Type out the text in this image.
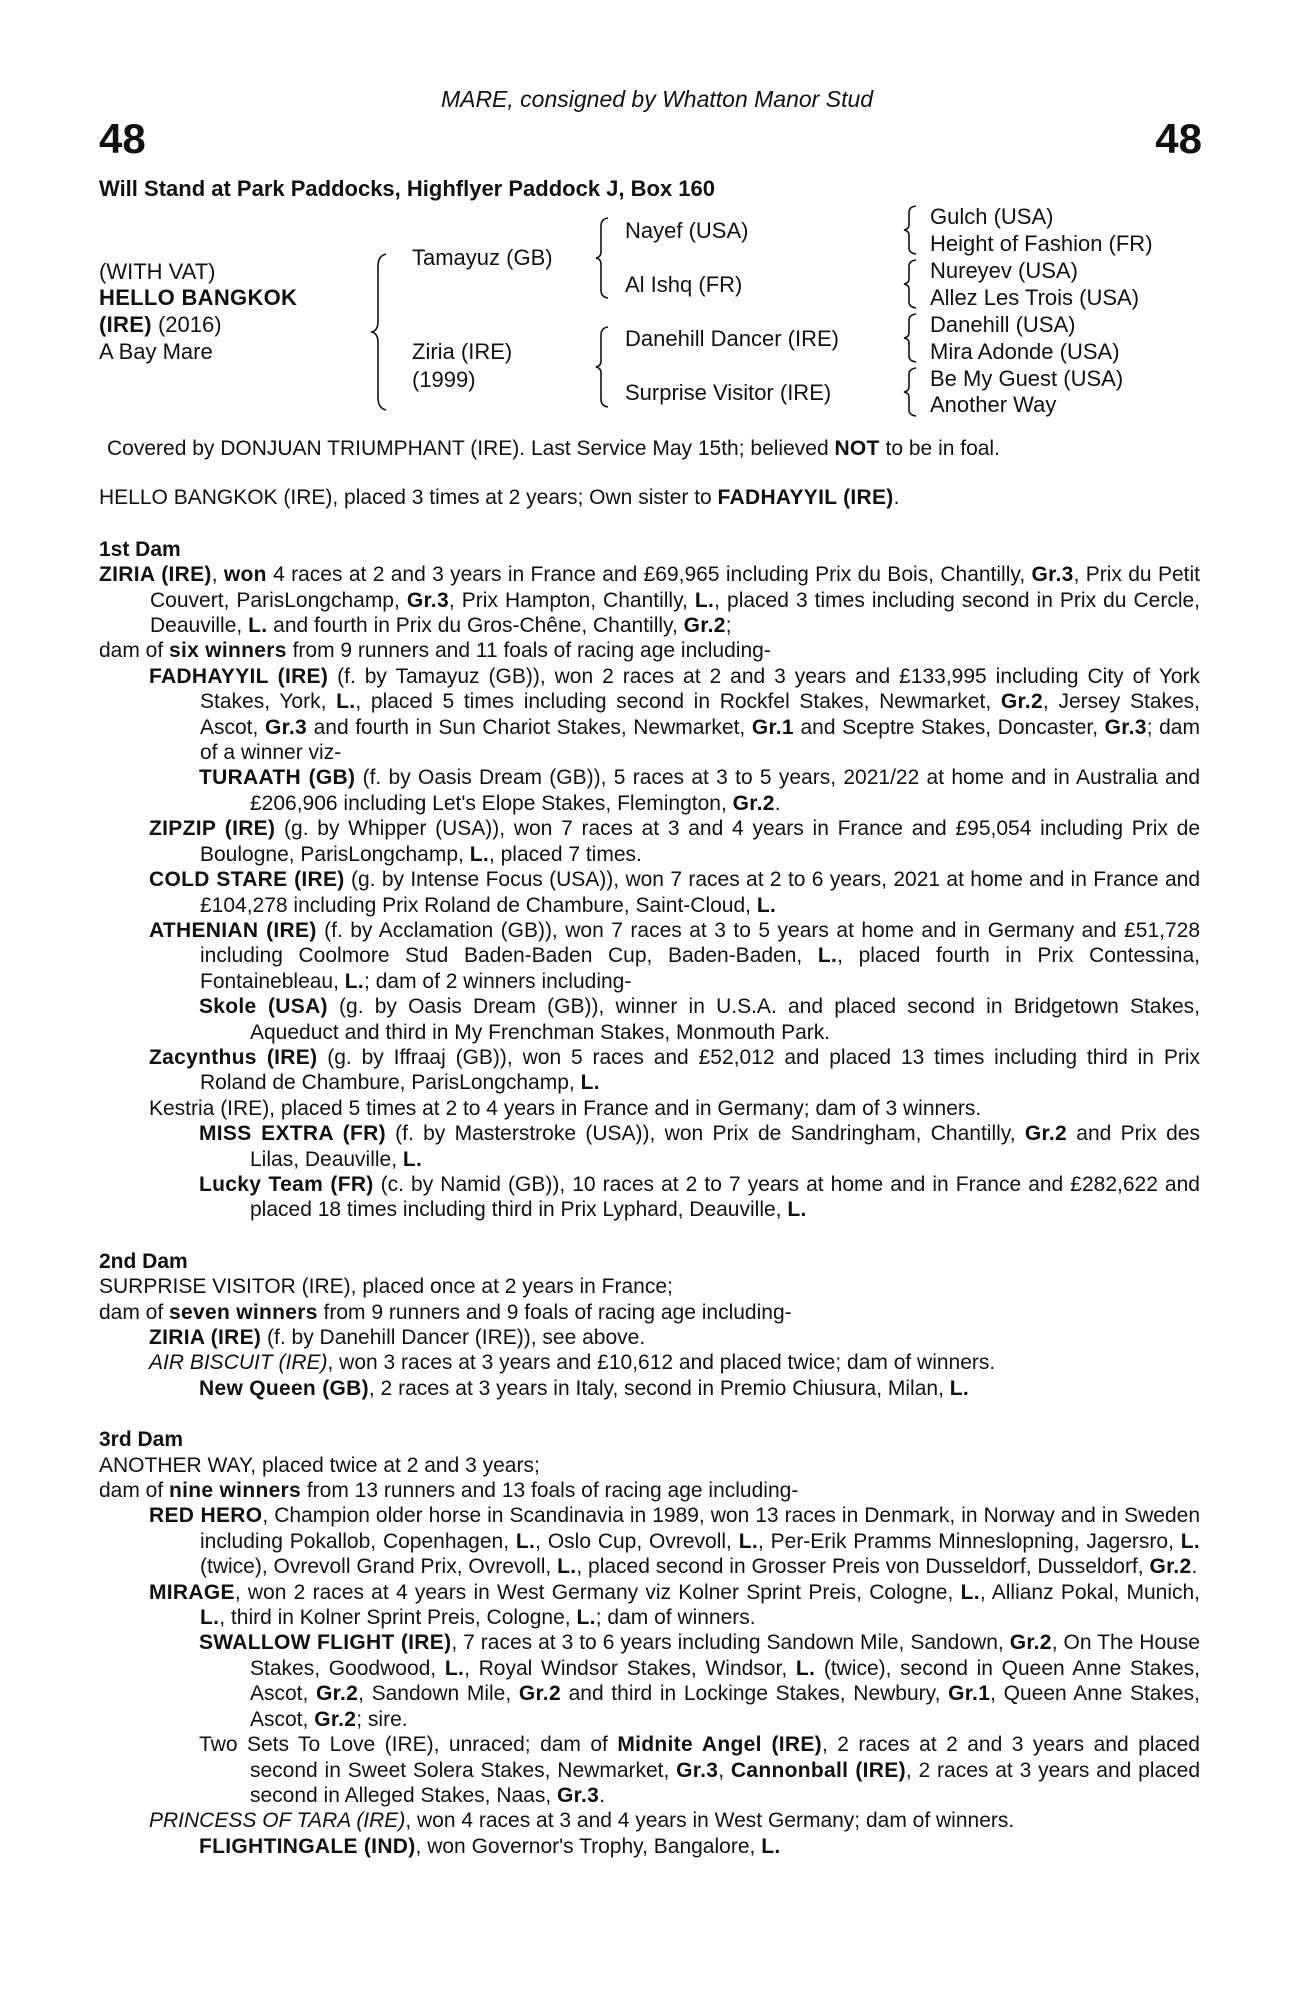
MARE, consigned by Whatton Manor Stud
48	48
Will Stand at Park Paddocks, Highflyer Paddock J, Box 160
(WITH VAT)
HELLO BANGKOK
(IRE) (2016)
A Bay Mare
Tamayuz (GB)
Ziria (IRE)
(1999)
Nayef (USA)
Al Ishq (FR)
Danehill Dancer (IRE)
Surprise Visitor (IRE)
Gulch (USA)
Height of Fashion (FR)
Nureyev (USA)
Allez Les Trois (USA)
Danehill (USA)
Mira Adonde (USA)
Be My Guest (USA)
Another Way
Covered by DONJUAN TRIUMPHANT (IRE). Last Service May 15th; believed NOT to be in foal.
HELLO BANGKOK (IRE), placed 3 times at 2 years; Own sister to FADHAYYIL (IRE).
1st Dam
ZIRIA (IRE), won 4 races at 2 and 3 years in France and £69,965 including Prix du Bois, Chantilly, Gr.3, Prix du Petit Couvert, ParisLongchamp, Gr.3, Prix Hampton, Chantilly, L., placed 3 times including second in Prix du Cercle, Deauville, L. and fourth in Prix du Gros-Chêne, Chantilly, Gr.2;
dam of six winners from 9 runners and 11 foals of racing age including-
FADHAYYIL (IRE) (f. by Tamayuz (GB)), won 2 races at 2 and 3 years and £133,995 including City of York Stakes, York, L., placed 5 times including second in Rockfel Stakes, Newmarket, Gr.2, Jersey Stakes, Ascot, Gr.3 and fourth in Sun Chariot Stakes, Newmarket, Gr.1 and Sceptre Stakes, Doncaster, Gr.3; dam of a winner viz-
TURAATH (GB) (f. by Oasis Dream (GB)), 5 races at 3 to 5 years, 2021/22 at home and in Australia and £206,906 including Let's Elope Stakes, Flemington, Gr.2.
ZIPZIP (IRE) (g. by Whipper (USA)), won 7 races at 3 and 4 years in France and £95,054 including Prix de Boulogne, ParisLongchamp, L., placed 7 times.
COLD STARE (IRE) (g. by Intense Focus (USA)), won 7 races at 2 to 6 years, 2021 at home and in France and £104,278 including Prix Roland de Chambure, Saint-Cloud, L.
ATHENIAN (IRE) (f. by Acclamation (GB)), won 7 races at 3 to 5 years at home and in Germany and £51,728 including Coolmore Stud Baden-Baden Cup, Baden-Baden, L., placed fourth in Prix Contessina, Fontainebleau, L.; dam of 2 winners including-
Skole (USA) (g. by Oasis Dream (GB)), winner in U.S.A. and placed second in Bridgetown Stakes, Aqueduct and third in My Frenchman Stakes, Monmouth Park.
Zacynthus (IRE) (g. by Iffraaj (GB)), won 5 races and £52,012 and placed 13 times including third in Prix Roland de Chambure, ParisLongchamp, L.
Kestria (IRE), placed 5 times at 2 to 4 years in France and in Germany; dam of 3 winners.
MISS EXTRA (FR) (f. by Masterstroke (USA)), won Prix de Sandringham, Chantilly, Gr.2 and Prix des Lilas, Deauville, L.
Lucky Team (FR) (c. by Namid (GB)), 10 races at 2 to 7 years at home and in France and £282,622 and placed 18 times including third in Prix Lyphard, Deauville, L.
2nd Dam
SURPRISE VISITOR (IRE), placed once at 2 years in France;
dam of seven winners from 9 runners and 9 foals of racing age including-
ZIRIA (IRE) (f. by Danehill Dancer (IRE)), see above.
AIR BISCUIT (IRE), won 3 races at 3 years and £10,612 and placed twice; dam of winners.
New Queen (GB), 2 races at 3 years in Italy, second in Premio Chiusura, Milan, L.
3rd Dam
ANOTHER WAY, placed twice at 2 and 3 years;
dam of nine winners from 13 runners and 13 foals of racing age including-
RED HERO, Champion older horse in Scandinavia in 1989, won 13 races in Denmark, in Norway and in Sweden including Pokallob, Copenhagen, L., Oslo Cup, Ovrevoll, L., Per-Erik Pramms Minneslopning, Jagersro, L. (twice), Ovrevoll Grand Prix, Ovrevoll, L., placed second in Grosser Preis von Dusseldorf, Dusseldorf, Gr.2.
MIRAGE, won 2 races at 4 years in West Germany viz Kolner Sprint Preis, Cologne, L., Allianz Pokal, Munich, L., third in Kolner Sprint Preis, Cologne, L.; dam of winners.
SWALLOW FLIGHT (IRE), 7 races at 3 to 6 years including Sandown Mile, Sandown, Gr.2, On The House Stakes, Goodwood, L., Royal Windsor Stakes, Windsor, L. (twice), second in Queen Anne Stakes, Ascot, Gr.2, Sandown Mile, Gr.2 and third in Lockinge Stakes, Newbury, Gr.1, Queen Anne Stakes, Ascot, Gr.2; sire.
Two Sets To Love (IRE), unraced; dam of Midnite Angel (IRE), 2 races at 2 and 3 years and placed second in Sweet Solera Stakes, Newmarket, Gr.3, Cannonball (IRE), 2 races at 3 years and placed second in Alleged Stakes, Naas, Gr.3.
PRINCESS OF TARA (IRE), won 4 races at 3 and 4 years in West Germany; dam of winners.
FLIGHTINGALE (IND), won Governor's Trophy, Bangalore, L.
